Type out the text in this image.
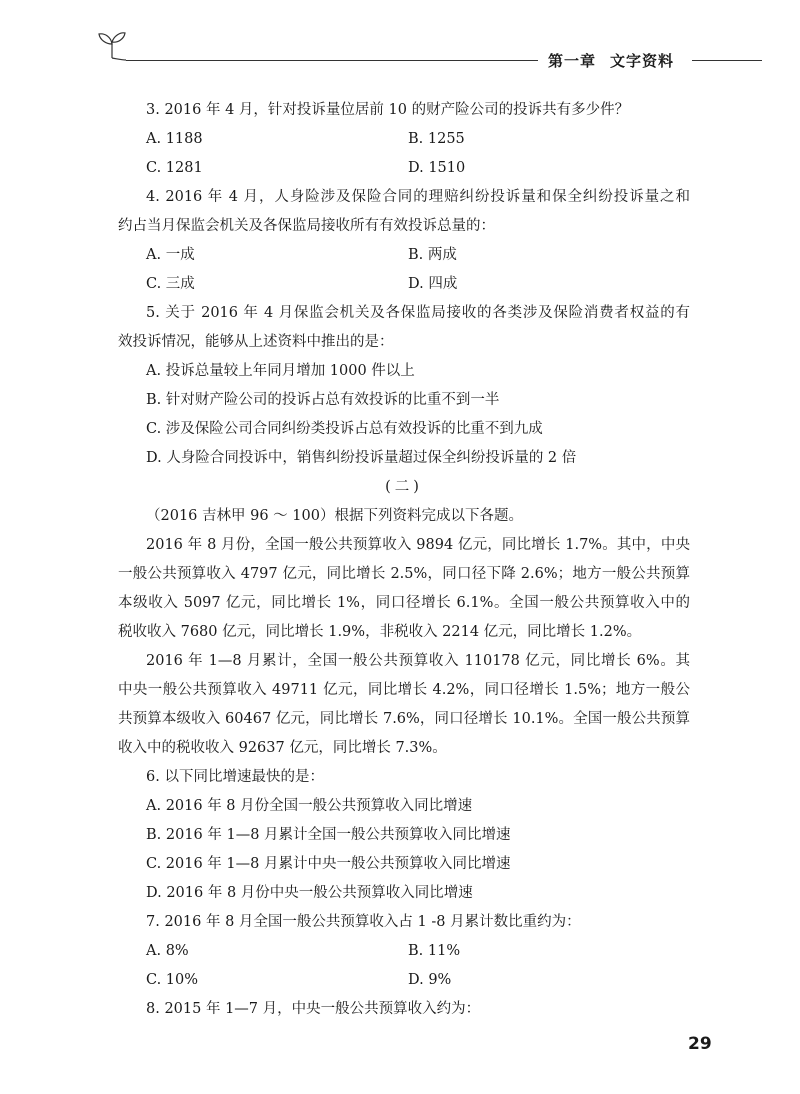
第一章 文字资料
3. 2016 年 4 月，针对投诉量位居前 10 的财产险公司的投诉共有多少件？
A. 1188	B. 1255
C. 1281	D. 1510
4. 2016 年 4 月，人身险涉及保险合同的理赔纠纷投诉量和保全纠纷投诉量之和
约占当月保监会机关及各保监局接收所有有效投诉总量的：
A. 一成	B. 两成
C. 三成	D. 四成
5. 关于 2016 年 4 月保监会机关及各保监局接收的各类涉及保险消费者权益的有
效投诉情况，能够从上述资料中推出的是：
A. 投诉总量较上年同月增加 1000 件以上
B. 针对财产险公司的投诉占总有效投诉的比重不到一半
C. 涉及保险公司合同纠纷类投诉占总有效投诉的比重不到九成
D. 人身险合同投诉中，销售纠纷投诉量超过保全纠纷投诉量的 2 倍
(二)
（2016 吉林甲 96 ～ 100）根据下列资料完成以下各题。
2016 年 8 月份，全国一般公共预算收入 9894 亿元，同比增长 1.7%。其中，中央
一般公共预算收入 4797 亿元，同比增长 2.5%，同口径下降 2.6%；地方一般公共预算
本级收入 5097 亿元，同比增长 1%，同口径增长 6.1%。全国一般公共预算收入中的
税收收入 7680 亿元，同比增长 1.9%，非税收入 2214 亿元，同比增长 1.2%。
2016 年 1—8 月累计，全国一般公共预算收入 110178 亿元，同比增长 6%。其
中央一般公共预算收入 49711 亿元，同比增长 4.2%，同口径增长 1.5%；地方一般公
共预算本级收入 60467 亿元，同比增长 7.6%，同口径增长 10.1%。全国一般公共预算
收入中的税收收入 92637 亿元，同比增长 7.3%。
6. 以下同比增速最快的是：
A. 2016 年 8 月份全国一般公共预算收入同比增速
B. 2016 年 1—8 月累计全国一般公共预算收入同比增速
C. 2016 年 1—8 月累计中央一般公共预算收入同比增速
D. 2016 年 8 月份中央一般公共预算收入同比增速
7. 2016 年 8 月全国一般公共预算收入占 1 -8 月累计数比重约为：
A. 8%	B. 11%
C. 10%	D. 9%
8. 2015 年 1—7 月，中央一般公共预算收入约为：
29
